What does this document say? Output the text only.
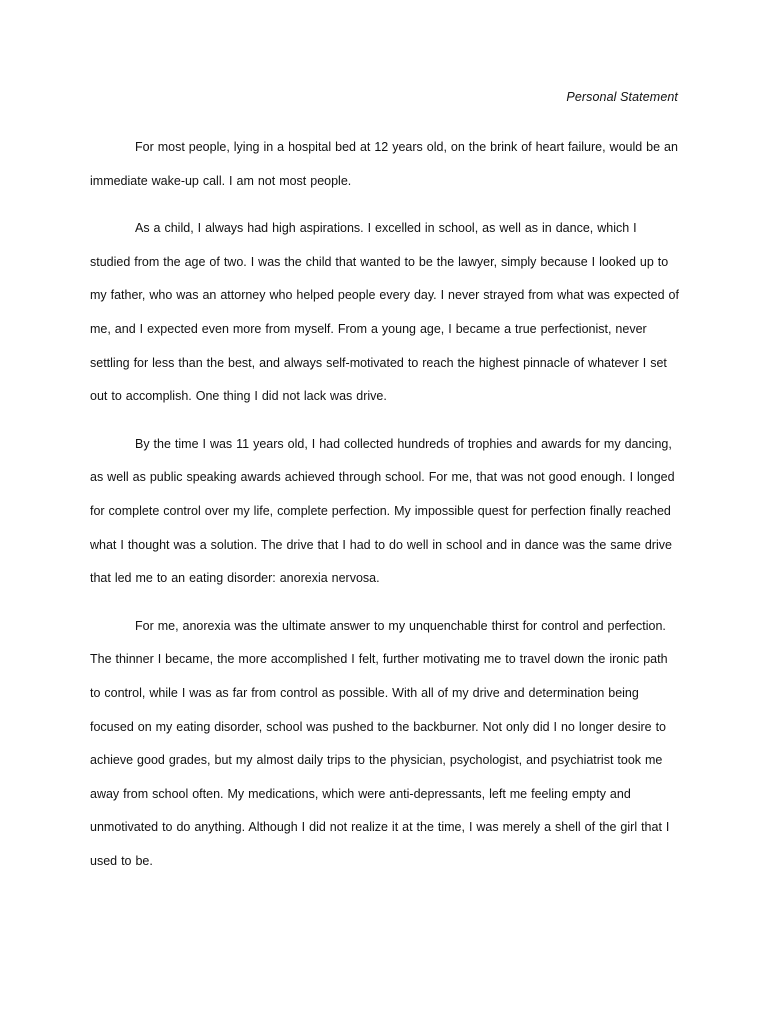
Personal Statement

For most people, lying in a hospital bed at 12 years old, on the brink of heart failure, would be an immediate wake-up call. I am not most people.

As a child, I always had high aspirations. I excelled in school, as well as in dance, which I studied from the age of two. I was the child that wanted to be the lawyer, simply because I looked up to my father, who was an attorney who helped people every day. I never strayed from what was expected of me, and I expected even more from myself. From a young age, I became a true perfectionist, never settling for less than the best, and always self-motivated to reach the highest pinnacle of whatever I set out to accomplish. One thing I did not lack was drive.

By the time I was 11 years old, I had collected hundreds of trophies and awards for my dancing, as well as public speaking awards achieved through school. For me, that was not good enough. I longed for complete control over my life, complete perfection. My impossible quest for perfection finally reached what I thought was a solution. The drive that I had to do well in school and in dance was the same drive that led me to an eating disorder: anorexia nervosa.

For me, anorexia was the ultimate answer to my unquenchable thirst for control and perfection. The thinner I became, the more accomplished I felt, further motivating me to travel down the ironic path to control, while I was as far from control as possible. With all of my drive and determination being focused on my eating disorder, school was pushed to the backburner. Not only did I no longer desire to achieve good grades, but my almost daily trips to the physician, psychologist, and psychiatrist took me away from school often. My medications, which were anti-depressants, left me feeling empty and unmotivated to do anything. Although I did not realize it at the time, I was merely a shell of the girl that I used to be.
